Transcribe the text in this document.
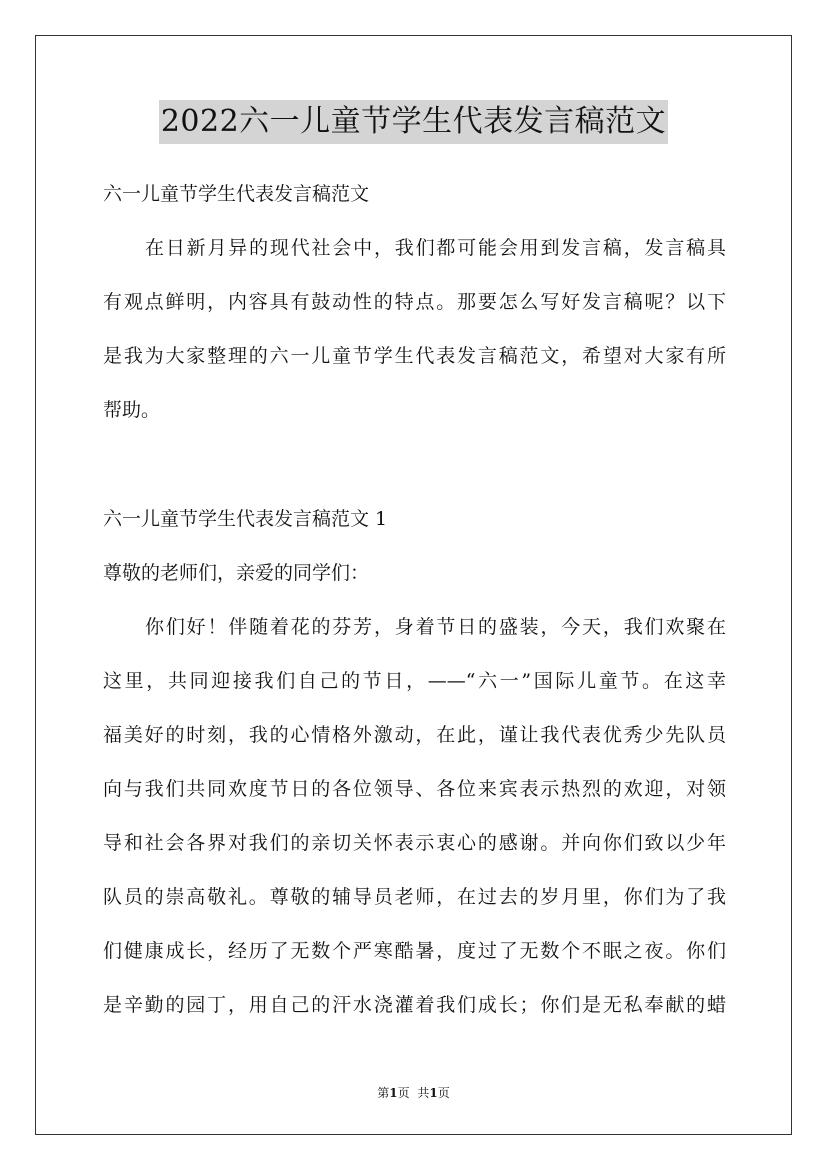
2022六一儿童节学生代表发言稿范文
六一儿童节学生代表发言稿范文
在日新月异的现代社会中，我们都可能会用到发言稿，发言稿具
有观点鲜明，内容具有鼓动性的特点。那要怎么写好发言稿呢？以下
是我为大家整理的六一儿童节学生代表发言稿范文，希望对大家有所
帮助。
六一儿童节学生代表发言稿范文 1
尊敬的老师们，亲爱的同学们：
你们好！伴随着花的芬芳，身着节日的盛装，今天，我们欢聚在
这里，共同迎接我们自己的节日，——“六一”国际儿童节。在这幸
福美好的时刻，我的心情格外激动，在此，谨让我代表优秀少先队员
向与我们共同欢度节日的各位领导、各位来宾表示热烈的欢迎，对领
导和社会各界对我们的亲切关怀表示衷心的感谢。并向你们致以少年
队员的崇高敬礼。尊敬的辅导员老师，在过去的岁月里，你们为了我
们健康成长，经历了无数个严寒酷暑，度过了无数个不眠之夜。你们
是辛勤的园丁，用自己的汗水浇灌着我们成长；你们是无私奉献的蜡
第1页 共1页
